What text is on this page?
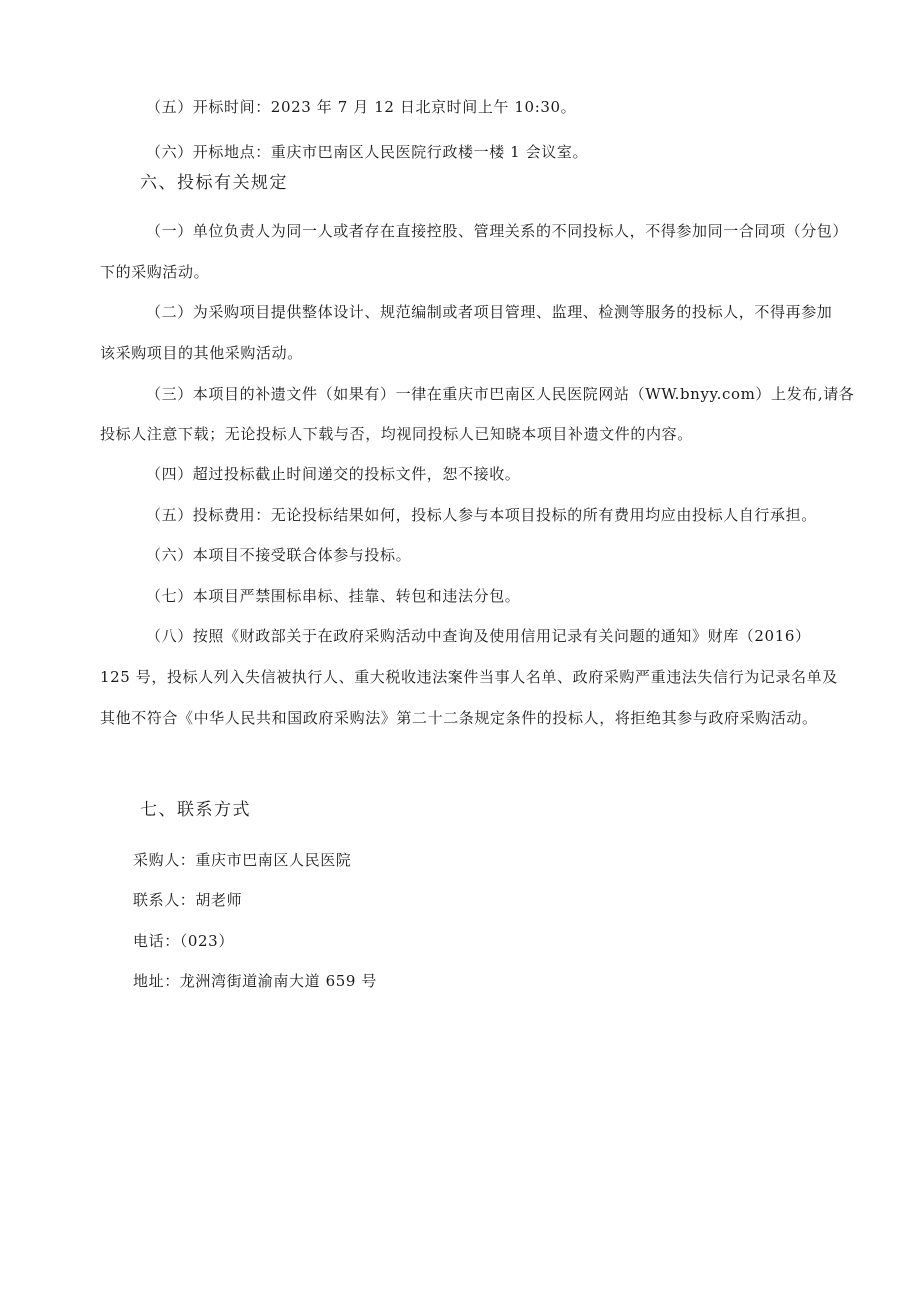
（五）开标时间：2023 年 7 月 12 日北京时间上午 10:30。

（六）开标地点：重庆市巴南区人民医院行政楼一楼 1 会议室。

六、投标有关规定

（一）单位负责人为同一人或者存在直接控股、管理关系的不同投标人，不得参加同一合同项（分包）

下的采购活动。

（二）为采购项目提供整体设计、规范编制或者项目管理、监理、检测等服务的投标人，不得再参加

该采购项目的其他采购活动。

（三）本项目的补遗文件（如果有）一律在重庆市巴南区人民医院网站（WW.bnyy.com）上发布,请各

投标人注意下载；无论投标人下载与否，均视同投标人已知晓本项目补遗文件的内容。

（四）超过投标截止时间递交的投标文件，恕不接收。

（五）投标费用：无论投标结果如何，投标人参与本项目投标的所有费用均应由投标人自行承担。

（六）本项目不接受联合体参与投标。

（七）本项目严禁围标串标、挂靠、转包和违法分包。

（八）按照《财政部关于在政府采购活动中查询及使用信用记录有关问题的通知》财库（2016）

125 号，投标人列入失信被执行人、重大税收违法案件当事人名单、政府采购严重违法失信行为记录名单及

其他不符合《中华人民共和国政府采购法》第二十二条规定条件的投标人，将拒绝其参与政府采购活动。

七、联系方式

采购人：重庆市巴南区人民医院

联系人：胡老师

电话：（023）

地址：龙洲湾街道渝南大道 659 号
